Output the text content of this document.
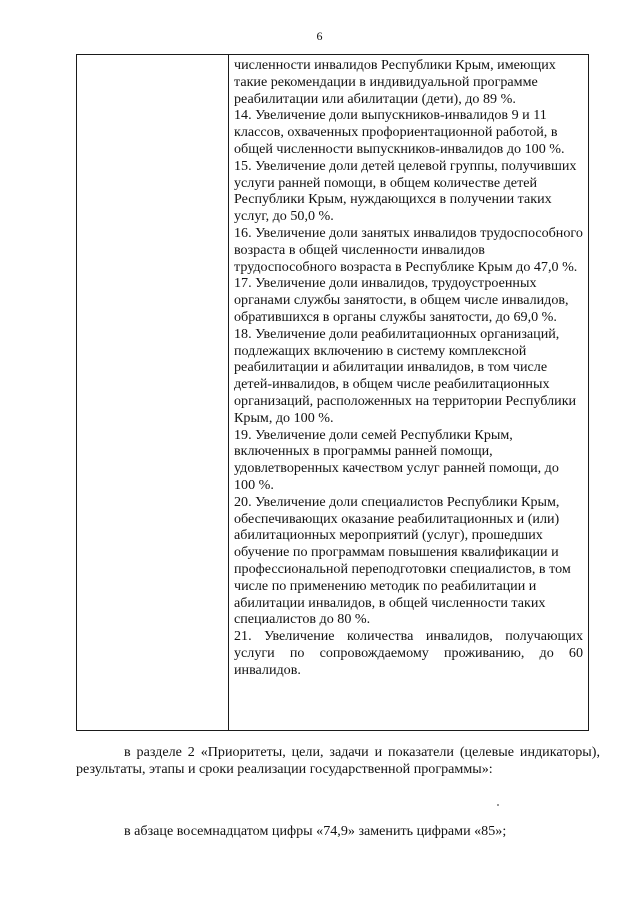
6

численности инвалидов Республики Крым, имеющих такие рекомендации в индивидуальной программе реабилитации или абилитации (дети), до 89 %.

14. Увеличение доли выпускников-инвалидов 9 и 11 классов, охваченных профориентационной работой, в общей численности выпускников-инвалидов до 100 %.

15. Увеличение доли детей целевой группы, получивших услуги ранней помощи, в общем количестве детей Республики Крым, нуждающихся в получении таких услуг, до 50,0 %.

16. Увеличение доли занятых инвалидов трудоспособного возраста в общей численности инвалидов трудоспособного возраста в Республике Крым до 47,0 %.

17. Увеличение доли инвалидов, трудоустроенных органами службы занятости, в общем числе инвалидов, обратившихся в органы службы занятости, до 69,0 %.

18. Увеличение доли реабилитационных организаций, подлежащих включению в систему комплексной реабилитации и абилитации инвалидов, в том числе детей-инвалидов, в общем числе реабилитационных организаций, расположенных на территории Республики Крым, до 100 %.

19. Увеличение доли семей Республики Крым, включенных в программы ранней помощи, удовлетворенных качеством услуг ранней помощи, до 100 %.

20. Увеличение доли специалистов Республики Крым, обеспечивающих оказание реабилитационных и (или) абилитационных мероприятий (услуг), прошедших обучение по программам повышения квалификации и профессиональной переподготовки специалистов, в том числе по применению методик по реабилитации и абилитации инвалидов, в общей численности таких специалистов до 80 %.

21. Увеличение количества инвалидов, получающих услуги по сопровождаемому проживанию, до 60 инвалидов.

в разделе 2 «Приоритеты, цели, задачи и показатели (целевые индикаторы), результаты, этапы и сроки реализации государственной программы»:
в абзаце восемнадцатом цифры «74,9» заменить цифрами «85»;
